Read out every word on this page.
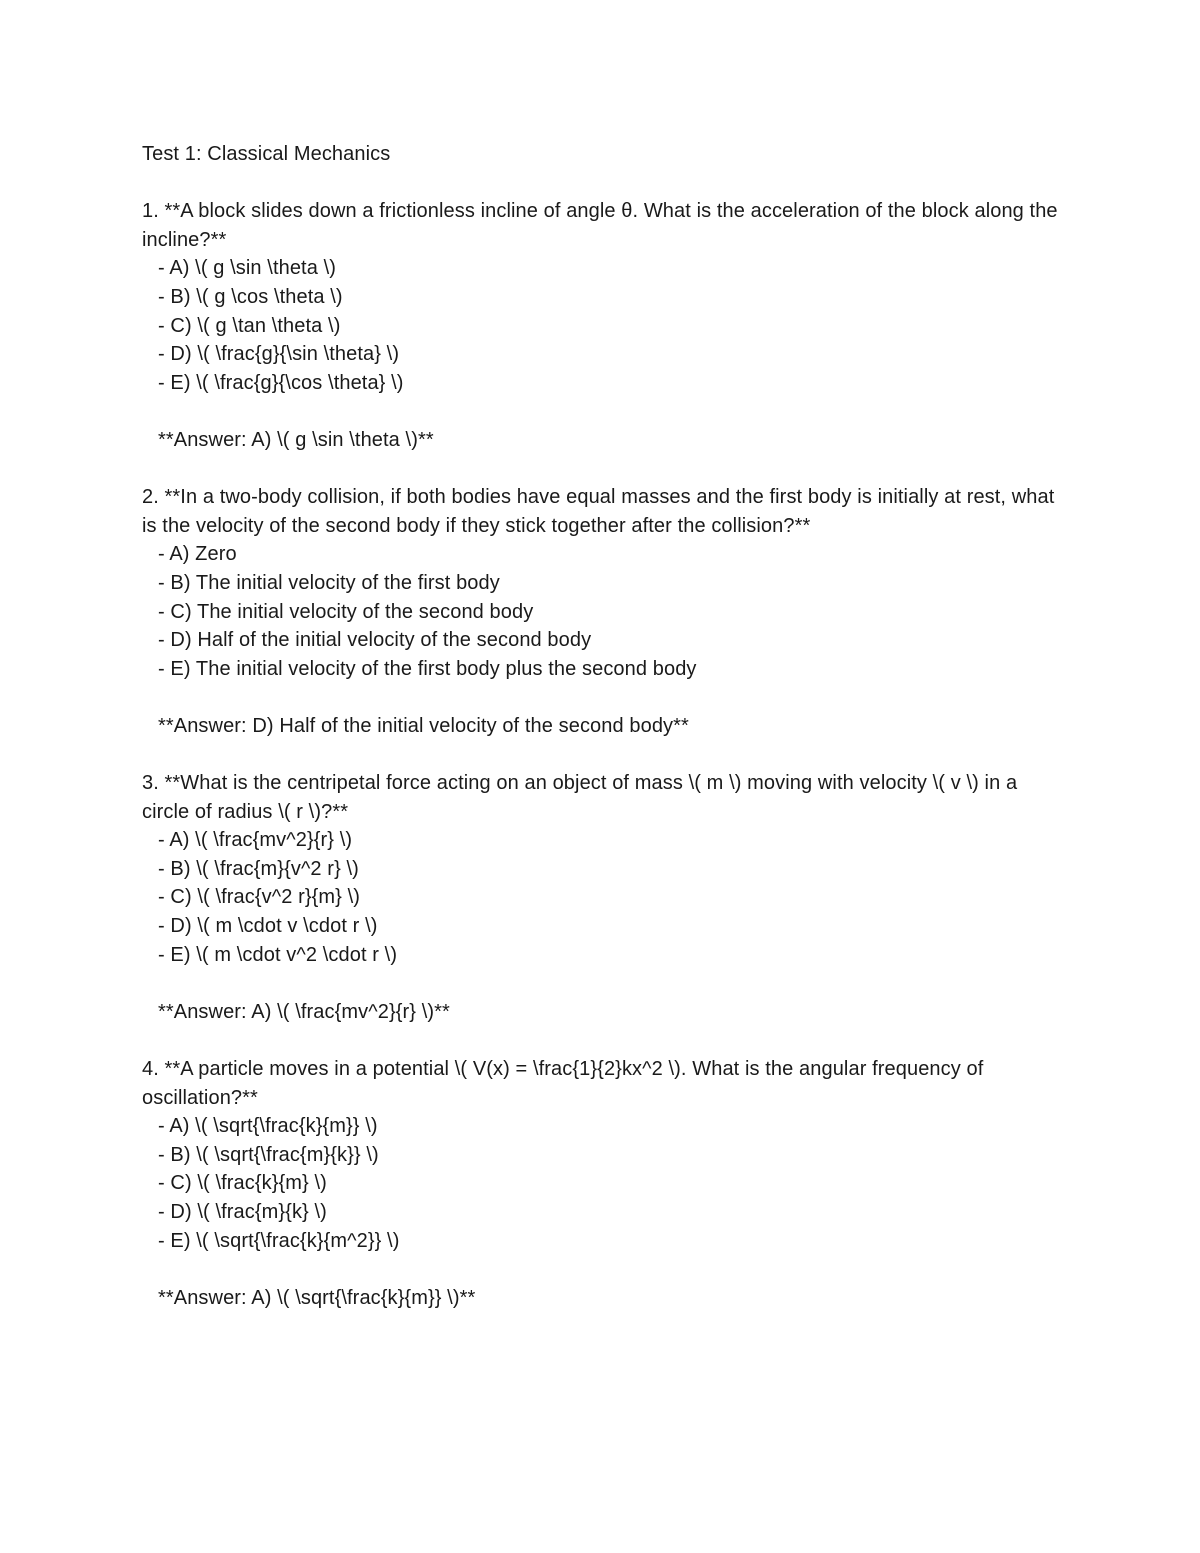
Test 1: Classical Mechanics
1. **A block slides down a frictionless incline of angle θ. What is the acceleration of the block along the incline?**
- A) \( g \sin \theta \)
- B) \( g \cos \theta \)
- C) \( g \tan \theta \)
- D) \( \frac{g}{\sin \theta} \)
- E) \( \frac{g}{\cos \theta} \)
**Answer: A) \( g \sin \theta \)**
2. **In a two-body collision, if both bodies have equal masses and the first body is initially at rest, what is the velocity of the second body if they stick together after the collision?**
- A) Zero
- B) The initial velocity of the first body
- C) The initial velocity of the second body
- D) Half of the initial velocity of the second body
- E) The initial velocity of the first body plus the second body
**Answer: D) Half of the initial velocity of the second body**
3. **What is the centripetal force acting on an object of mass \( m \) moving with velocity \( v \) in a circle of radius \( r \)?**
- A) \( \frac{mv^2}{r} \)
- B) \( \frac{m}{v^2 r} \)
- C) \( \frac{v^2 r}{m} \)
- D) \( m \cdot v \cdot r \)
- E) \( m \cdot v^2 \cdot r \)
**Answer: A) \( \frac{mv^2}{r} \)**
4. **A particle moves in a potential \( V(x) = \frac{1}{2}kx^2 \). What is the angular frequency of oscillation?**
- A) \( \sqrt{\frac{k}{m}} \)
- B) \( \sqrt{\frac{m}{k}} \)
- C) \( \frac{k}{m} \)
- D) \( \frac{m}{k} \)
- E) \( \sqrt{\frac{k}{m^2}} \)
**Answer: A) \( \sqrt{\frac{k}{m}} \)**
